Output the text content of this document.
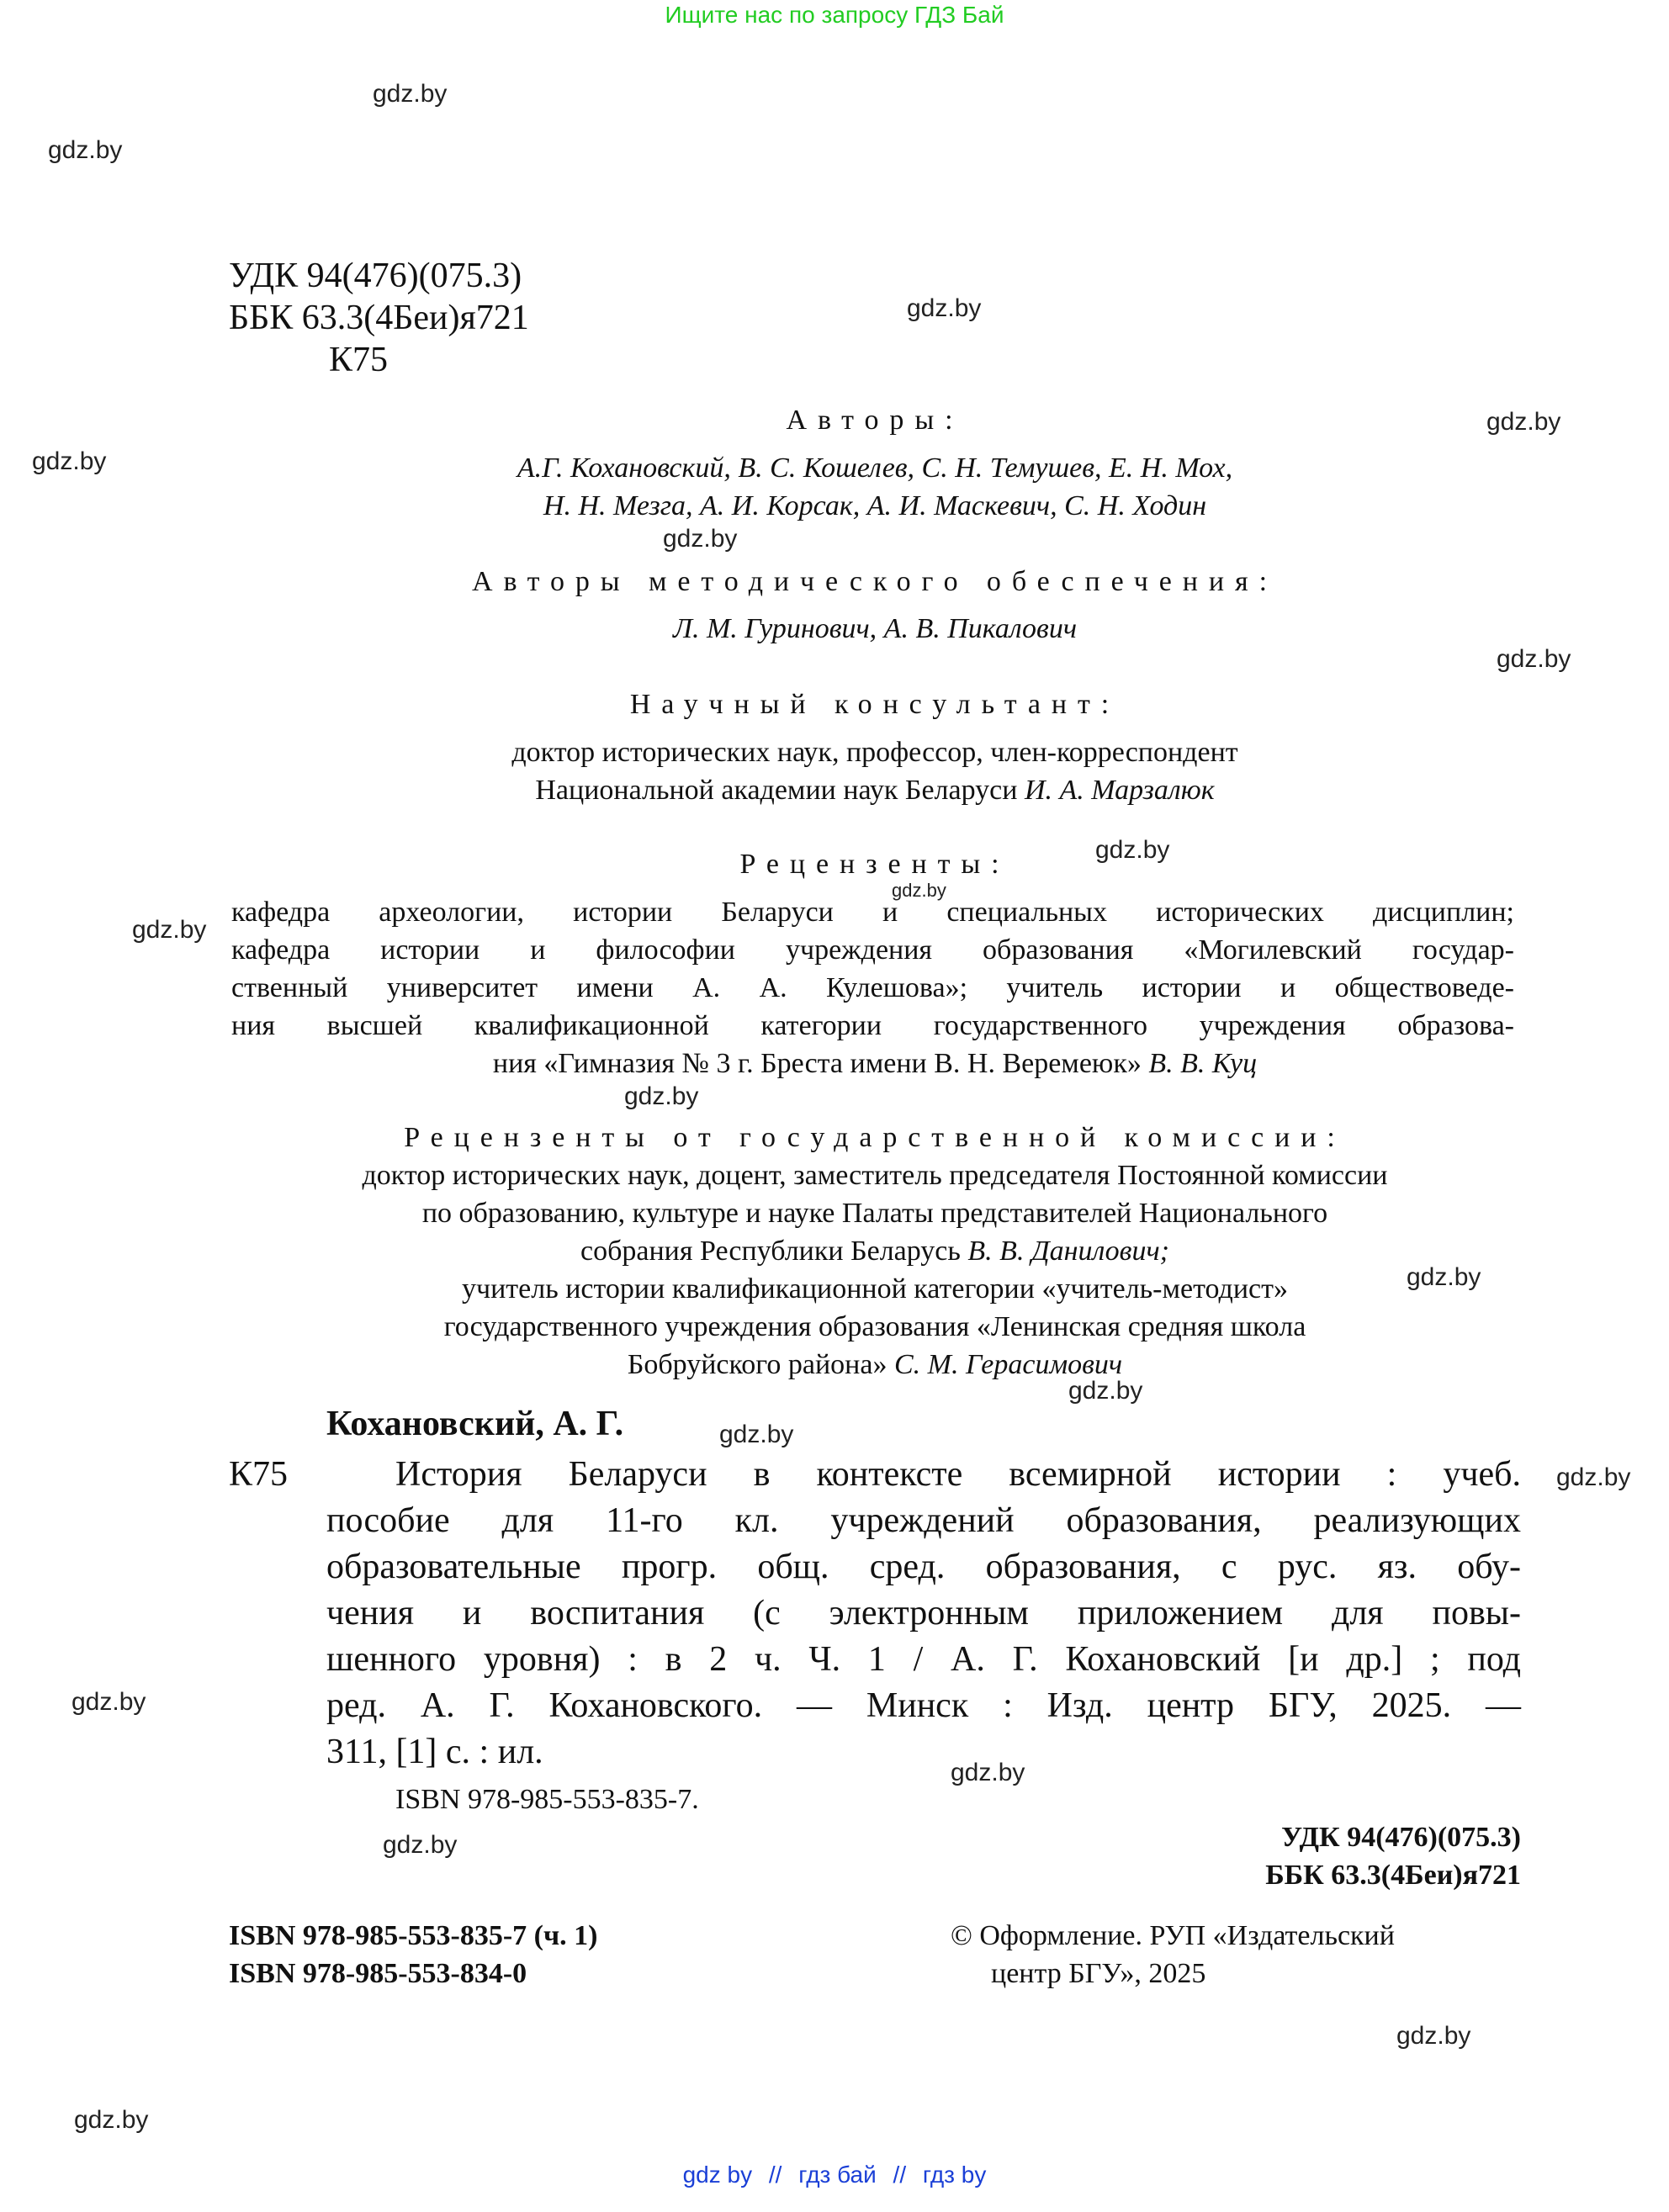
Ищите нас по запросу ГДЗ Бай
УДК 94(476)(075.3)
ББК 63.3(4Беи)я721
К75
Авторы:
А.Г. Кохановский, В. С. Кошелев, С. Н. Темушев, Е. Н. Мох,
Н. Н. Мезга, А. И. Корсак, А. И. Маскевич, С. Н. Ходин
Авторы методического обеспечения:
Л. М. Гуринович, А. В. Пикалович
Научный консультант:
доктор исторических наук, профессор, член-корреспондент
Национальной академии наук Беларуси И. А. Марзалюк
Рецензенты:
кафедра археологии, истории Беларуси и специальных исторических дисциплин;
кафедра истории и философии учреждения образования «Могилевский государ-
ственный университет имени А. А. Кулешова»; учитель истории и обществоведе-
ния высшей квалификационной категории государственного учреждения образова-
ния «Гимназия № 3 г. Бреста имени В. Н. Веремеюк» В. В. Куц
Рецензенты от государственной комиссии:
доктор исторических наук, доцент, заместитель председателя Постоянной комиссии
по образованию, культуре и науке Палаты представителей Национального
собрания Республики Беларусь В. В. Данилович;
учитель истории квалификационной категории «учитель-методист»
государственного учреждения образования «Ленинская средняя школа
Бобруйского района» С. М. Герасимович
Кохановский, А. Г.
К75	История Беларуси в контексте всемирной истории : учеб.
пособие для 11-го кл. учреждений образования, реализующих
образовательные прогр. общ. сред. образования, с рус. яз. обу-
чения и воспитания (с электронным приложением для повы-
шенного уровня) : в 2 ч. Ч. 1 / А. Г. Кохановский [и др.] ; под
ред. А. Г. Кохановского. — Минск : Изд. центр БГУ, 2025. —
311, [1] с. : ил.
ISBN 978-985-553-835-7.
УДК 94(476)(075.3)
ББК 63.3(4Беи)я721
ISBN 978-985-553-835-7 (ч. 1)
ISBN 978-985-553-834-0
© Оформление. РУП «Издательский
центр БГУ», 2025
gdz.by
gdz.by
gdz.by
gdz.by
gdz.by
gdz.by
gdz.by
gdz.by
gdz.by
gdz.by
gdz.by
gdz.by
gdz.by
gdz.by
gdz.by
gdz.by
gdz.by
gdz.by
gdz.by
gdz.by
gdz by // гдз бай // гдз by
